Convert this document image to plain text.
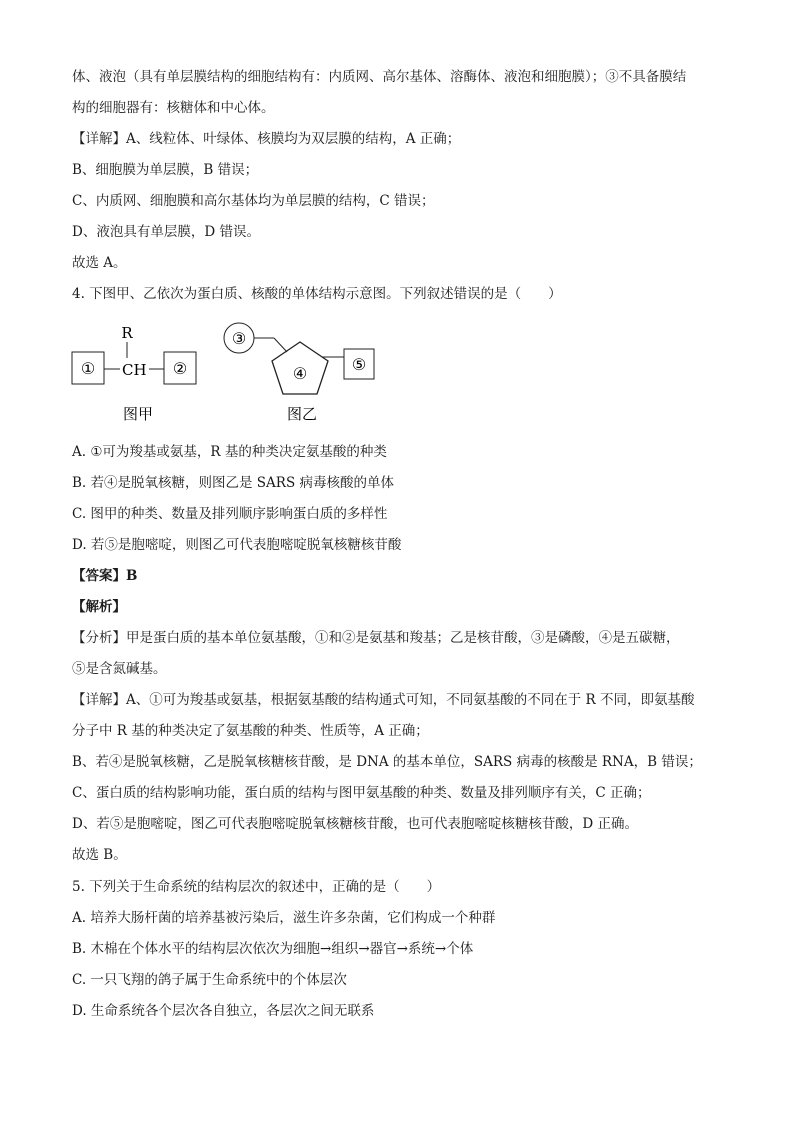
体、液泡（具有单层膜结构的细胞结构有：内质网、高尔基体、溶酶体、液泡和细胞膜）；③不具备膜结

构的细胞器有：核糖体和中心体。

【详解】A、线粒体、叶绿体、核膜均为双层膜的结构，A 正确；

B、细胞膜为单层膜，B 错误；

C、内质网、细胞膜和高尔基体均为单层膜的结构，C 错误；

D、液泡具有单层膜，D 错误。

故选 A。

4. 下图甲、乙依次为蛋白质、核酸的单体结构示意图。下列叙述错误的是（　　）

① CH
R
②
图甲
③
④	⑤
图乙

A. ①可为羧基或氨基，R 基的种类决定氨基酸的种类

B. 若④是脱氧核糖，则图乙是 SARS 病毒核酸的单体

C. 图甲的种类、数量及排列顺序影响蛋白质的多样性

D. 若⑤是胞嘧啶，则图乙可代表胞嘧啶脱氧核糖核苷酸

【答案】B

【解析】

【分析】甲是蛋白质的基本单位氨基酸，①和②是氨基和羧基；乙是核苷酸，③是磷酸，④是五碳糖，

⑤是含氮碱基。

【详解】A、①可为羧基或氨基，根据氨基酸的结构通式可知，不同氨基酸的不同在于 R 不同，即氨基酸

分子中 R 基的种类决定了氨基酸的种类、性质等，A 正确；

B、若④是脱氧核糖，乙是脱氧核糖核苷酸，是 DNA 的基本单位，SARS 病毒的核酸是 RNA，B 错误；

C、蛋白质的结构影响功能，蛋白质的结构与图甲氨基酸的种类、数量及排列顺序有关，C 正确；

D、若⑤是胞嘧啶，图乙可代表胞嘧啶脱氧核糖核苷酸，也可代表胞嘧啶核糖核苷酸，D 正确。

故选 B。

5. 下列关于生命系统的结构层次的叙述中，正确的是（　　）

A. 培养大肠杆菌的培养基被污染后，滋生许多杂菌，它们构成一个种群

B. 木棉在个体水平的结构层次依次为细胞→组织→器官→系统→个体

C. 一只飞翔的鸽子属于生命系统中的个体层次

D. 生命系统各个层次各自独立，各层次之间无联系
